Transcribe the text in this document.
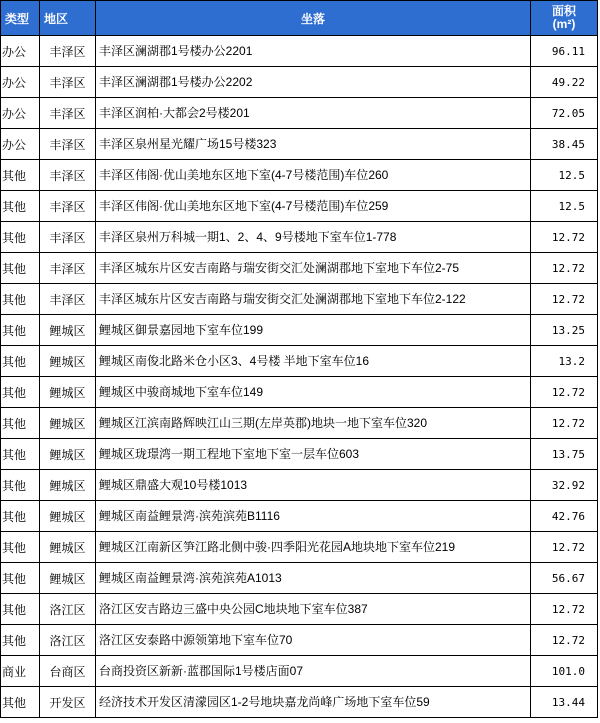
类型	地区	坐落	面积
(m²)
办公	丰泽区	丰泽区澜湖郡1号楼办公2201	96.11
办公	丰泽区	丰泽区澜湖郡1号楼办公2202	49.22
办公	丰泽区	丰泽区润柏·大都会2号楼201	72.05
办公	丰泽区	丰泽区泉州星光耀广场15号楼323	38.45
其他	丰泽区	丰泽区伟阁·优山美地东区地下室(4-7号楼范围)车位260	12.5
其他	丰泽区	丰泽区伟阁·优山美地东区地下室(4-7号楼范围)车位259	12.5
其他	丰泽区	丰泽区泉州万科城一期1、2、4、9号楼地下室车位1-778	12.72
其他	丰泽区	丰泽区城东片区安吉南路与瑞安街交汇处澜湖郡地下室地下车位2-75	12.72
其他	丰泽区	丰泽区城东片区安吉南路与瑞安街交汇处澜湖郡地下室地下车位2-122	12.72
其他	鲤城区	鲤城区御景嘉园地下室车位199	13.25
其他	鲤城区	鲤城区南俊北路米仓小区3、4号楼 半地下室车位16	13.2
其他	鲤城区	鲤城区中骏商城地下室车位149	12.72
其他	鲤城区	鲤城区江滨南路辉映江山三期(左岸英郡)地块一地下室车位320	12.72
其他	鲤城区	鲤城区珑璟湾一期工程地下室地下室一层车位603	13.75
其他	鲤城区	鲤城区鼎盛大观10号楼1013	32.92
其他	鲤城区	鲤城区南益鲤景湾·滨苑滨苑B1116	42.76
其他	鲤城区	鲤城区江南新区笋江路北侧中骏·四季阳光花园A地块地下室车位219	12.72
其他	鲤城区	鲤城区南益鲤景湾·滨苑滨苑A1013	56.67
其他	洛江区	洛江区安吉路边三盛中央公园C地块地下室车位387	12.72
其他	洛江区	洛江区安泰路中源领第地下室车位70	12.72
商业	台商区	台商投资区新新·蓝郡国际1号楼店面07	101.0
其他	开发区	经济技术开发区清濛园区1-2号地块嘉龙尚峰广场地下室车位59	13.44
